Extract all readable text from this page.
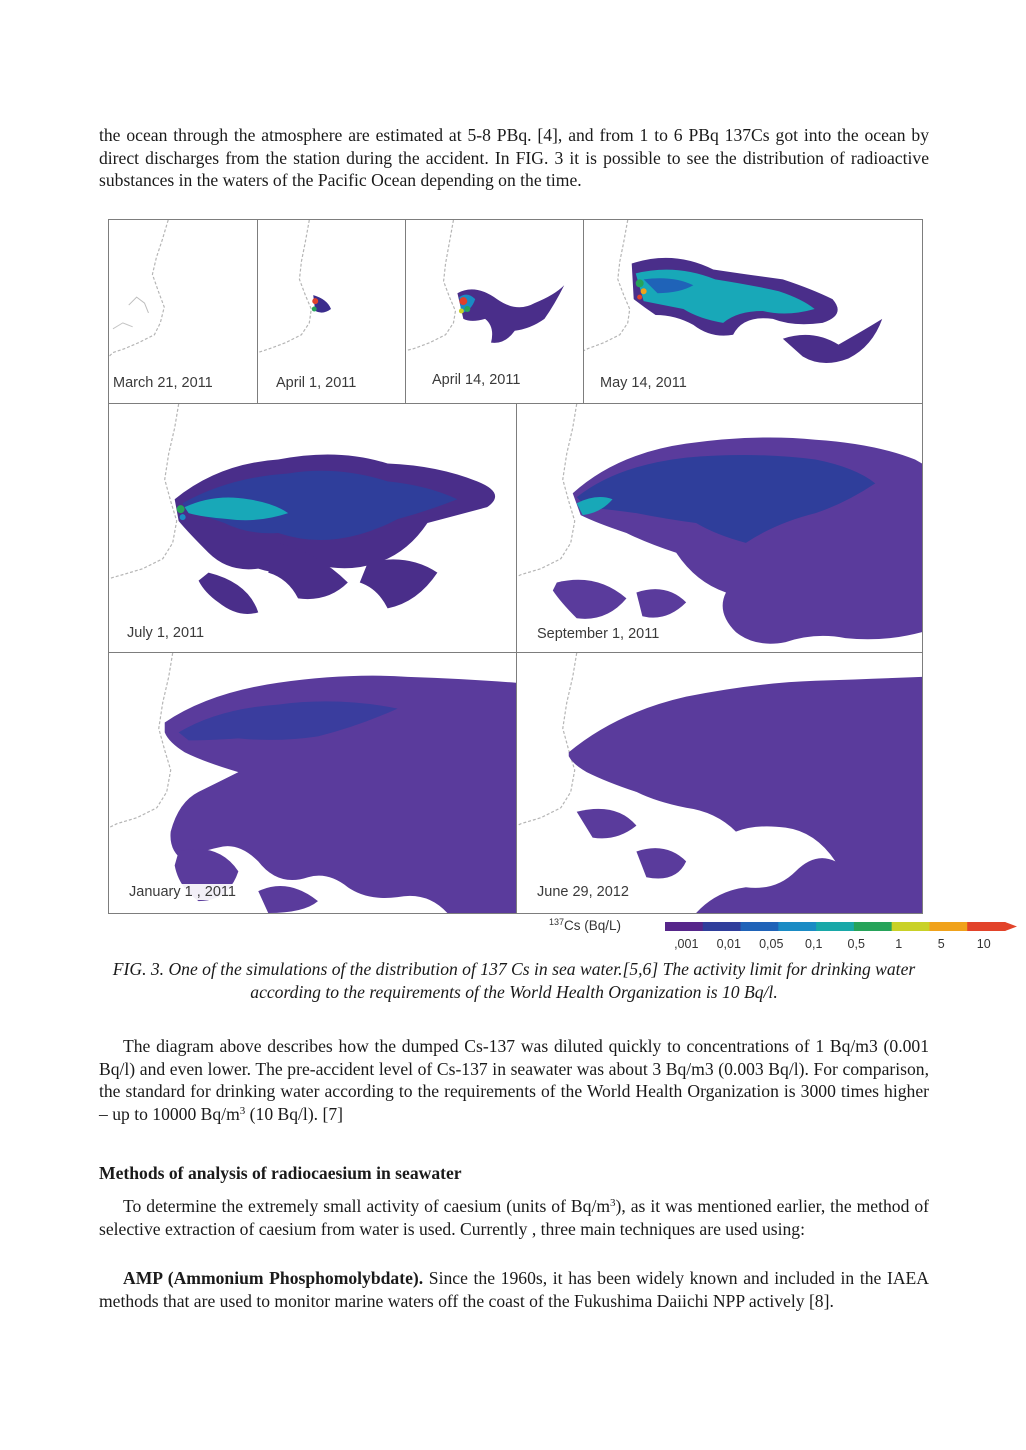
the ocean through the atmosphere are estimated at 5-8 PBq. [4], and from 1 to 6 PBq 137Cs got into the ocean by direct discharges from the station during the accident. In FIG. 3 it is possible to see the distribution of radioactive substances in the waters of the Pacific Ocean depending on the time.
March 21, 2011	April 1, 2011	April 14, 2011	May 14, 2011
July 1, 2011	September 1, 2011
January 1 , 2011	June 29, 2012
$^{137}$Cs (Bq/L)
,001 0,01 0,05 0,1 0,5 1	5	10
FIG. 3. One of the simulations of the distribution of 137 Cs in sea water.[5,6] The activity limit for drinking water according to the requirements of the World Health Organization is 10 Bq/l.
The diagram above describes how the dumped Cs-137 was diluted quickly to concentrations of 1 Bq/m3 (0.001 Bq/l) and even lower. The pre-accident level of Cs-137 in seawater was about 3 Bq/m3 (0.003 Bq/l). For comparison, the standard for drinking water according to the requirements of the World Health Organization is 3000 times higher – up to 10000 $Bq/m^3$ (10 Bq/l). [7]
Methods of analysis of radiocaesium in seawater
To determine the extremely small activity of caesium (units of $Bq/m^3$), as it was mentioned earlier, the method of selective extraction of caesium from water is used. Currently , three main techniques are used using:
AMP (Ammonium Phosphomolybdate). Since the 1960s, it has been widely known and included in the IAEA methods that are used to monitor marine waters off the coast of the Fukushima Daiichi NPP actively [8].
